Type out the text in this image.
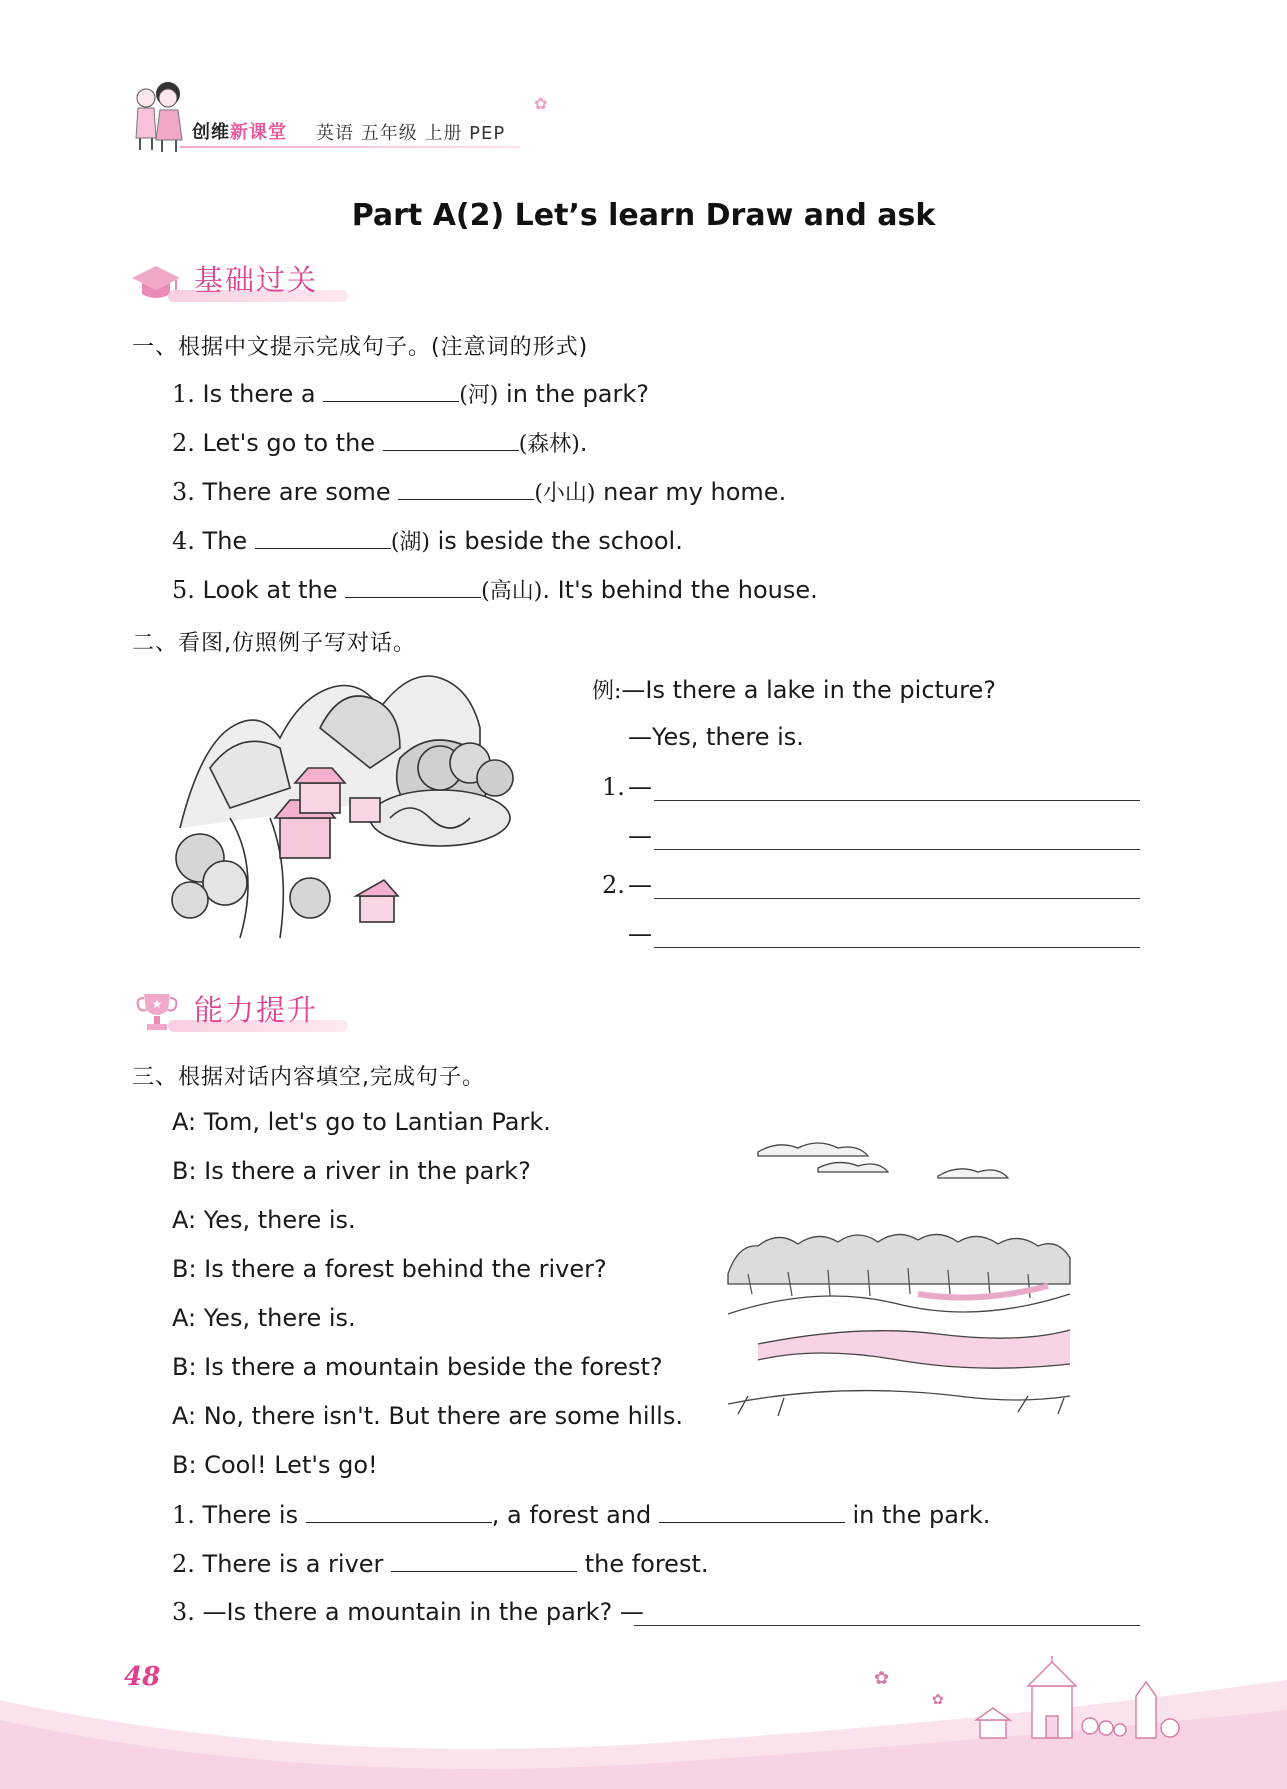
创维新课堂 英语 五年级 上册 PEP
✿
Part A(2) Let’s learn Draw and ask
基础过关
一、根据中文提示完成句子。(注意词的形式)
1. Is there a	(河) in the park?
2. Let's go to the	(森林).
3. There are some	(小山) near my home.
4. The	(湖) is beside the school.
5. Look at the	(高山). It's behind the house.
二、看图,仿照例子写对话。
例:—Is there a lake in the picture?
—Yes, there is.
1. —
—
2. —
—
★ 能力提升
三、根据对话内容填空,完成句子。
A: Tom, let's go to Lantian Park.
B: Is there a river in the park?
A: Yes, there is.
B: Is there a forest behind the river?
A: Yes, there is.
B: Is there a mountain beside the forest?
A: No, there isn't. But there are some hills.
B: Cool! Let's go!
1. There is	, a forest and	in the park.
2. There is a river	the forest.
3. —Is there a mountain in the park? —
✿
✿
48
